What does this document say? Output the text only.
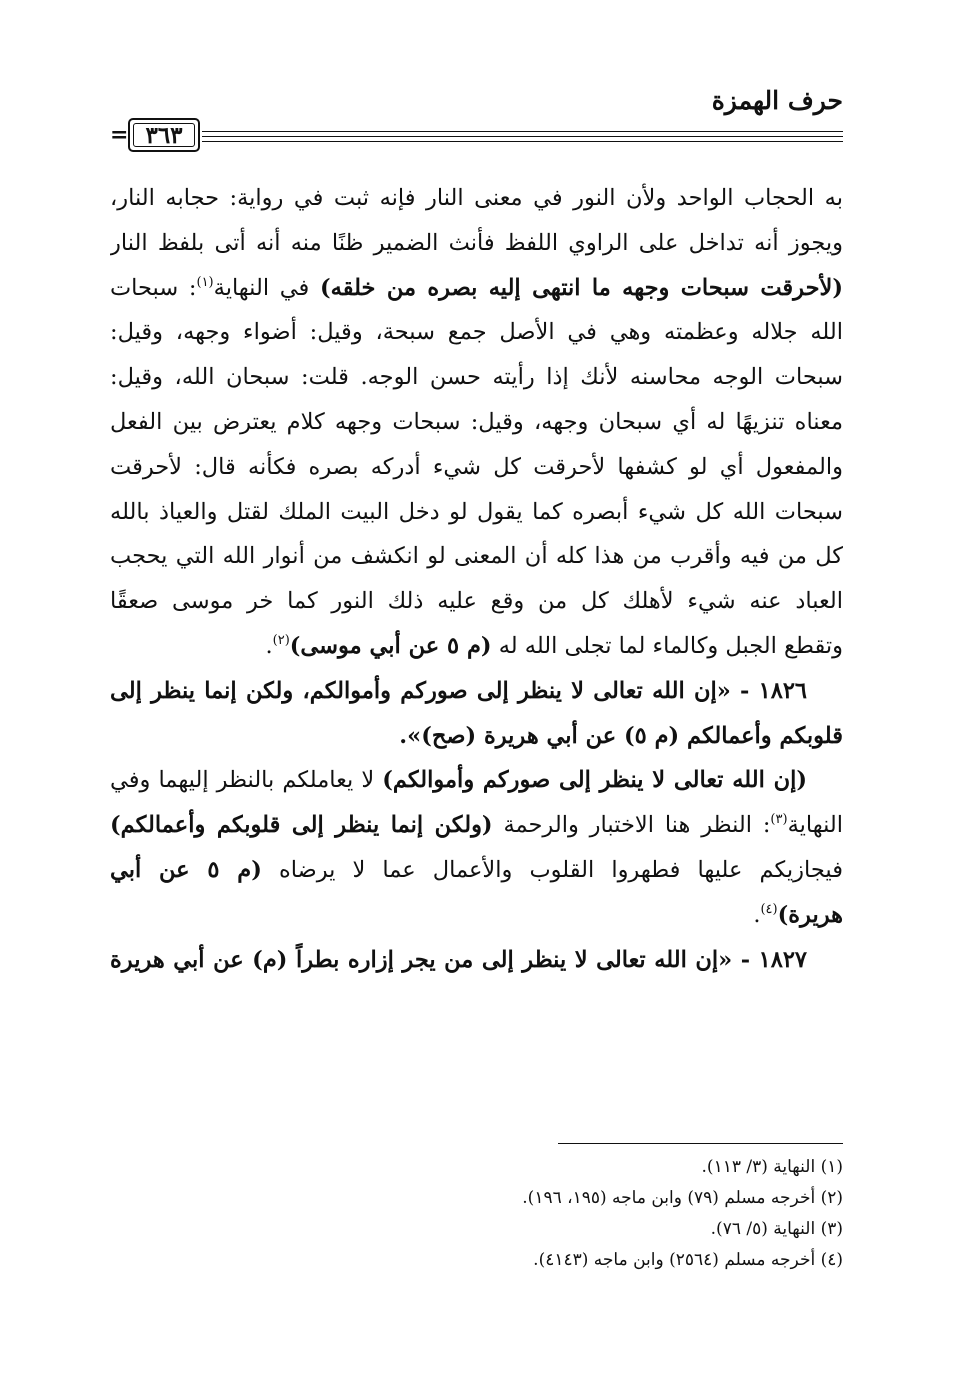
حرف الهمزة
= ٣٦٣
به الحجاب الواحد ولأن النور في معنى النار فإنه ثبت في رواية: حجابه النار،
ويجوز أنه تداخل على الراوي اللفظ فأنث الضمير ظنًا منه أنه أتى بلفظ النار
(لأحرقت سبحات وجهه ما انتهى إليه بصره من خلقه) في النهاية$^{(١)}$: سبحات
الله جلاله وعظمته وهي في الأصل جمع سبحة، وقيل: أضواء وجهه، وقيل:
سبحات الوجه محاسنه لأنك إذا رأيته حسن الوجه. قلت: سبحان الله، وقيل:
معناه تنزيهًا له أي سبحان وجهه، وقيل: سبحات وجهه كلام يعترض بين الفعل
والمفعول أي لو كشفها لأحرقت كل شيء أدركه بصره فكأنه قال: لأحرقت
سبحات الله كل شيء أبصره كما يقول لو دخل البيت الملك لقتل والعياذ بالله
كل من فيه وأقرب من هذا كله أن المعنى لو انكشف من أنوار الله التي يحجب
العباد عنه شيء لأهلك كل من وقع عليه ذلك النور كما خر موسى صعقًا
وتقطع الجبل وكالماء لما تجلى الله له (م ٥ عن أبي موسى)$^{(٢)}$.
١٨٢٦ - «إن الله تعالى لا ينظر إلى صوركم وأموالكم، ولكن إنما ينظر إلى
قلوبكم وأعمالكم (م ٥) عن أبي هريرة (صح)».
(إن الله تعالى لا ينظر إلى صوركم وأموالكم) لا يعاملكم بالنظر إليهما وفي
النهاية$^{(٣)}$: النظر هنا الاختبار والرحمة (ولكن إنما ينظر إلى قلوبكم وأعمالكم)
فيجازيكم عليها فطهروا القلوب والأعمال عما لا يرضاه (م ٥ عن أبي
هريرة)$^{(٤)}$.
١٨٢٧ - «إن الله تعالى لا ينظر إلى من يجر إزاره بطراً (م) عن أبي هريرة
(١) النهاية (٣/ ١١٣).
(٢) أخرجه مسلم (٧٩) وابن ماجه (١٩٥، ١٩٦).
(٣) النهاية (٥/ ٧٦).
(٤) أخرجه مسلم (٢٥٦٤) وابن ماجه (٤١٤٣).
